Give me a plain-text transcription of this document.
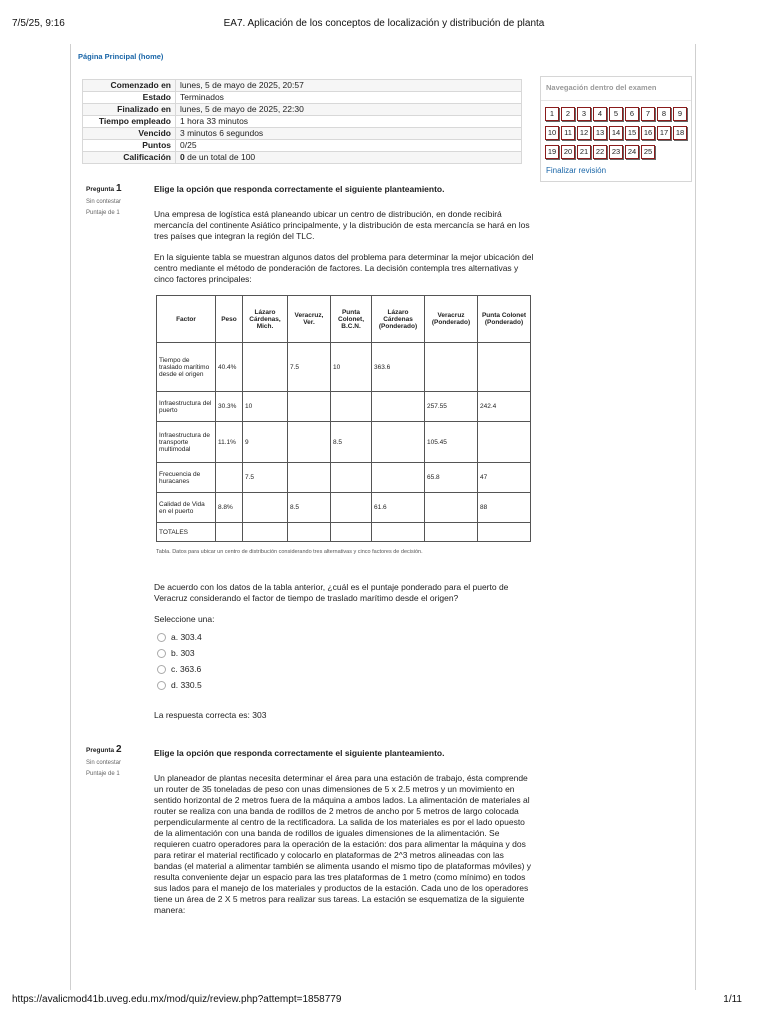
7/5/25, 9:16	EA7. Aplicación de los conceptos de localización y distribución de planta
Página Principal (home)
Comenzado en	lunes, 5 de mayo de 2025, 20:57
Estado	Terminados
Finalizado en	lunes, 5 de mayo de 2025, 22:30
Tiempo empleado	1 hora 33 minutos
Vencido	3 minutos 6 segundos
Puntos	0/25
Calificación	0 de un total de 100
Navegación dentro del examen
1	2	3	4	5	6	7	8	9
10	11	12	13	14	15	16	17	18
19	20	21	22	23	24	25
Finalizar revisión
Pregunta 1
Sin contestar
Puntaje de 1

Elige la opción que responda correctamente el siguiente planteamiento.

Una empresa de logística está planeando ubicar un centro de distribución, en donde recibirá mercancía del continente Asiático principalmente, y la distribución de esta mercancía se hará en los tres países que integran la región del TLC.

En la siguiente tabla se muestran algunos datos del problema para determinar la mejor ubicación del centro mediante el método de ponderación de factores. La decisión contempla tres alternativas y cinco factores principales:

Factor	Peso	Lázaro Cárdenas, Mich.	Veracruz, Ver.	Punta Colonet, B.C.N.	Lázaro Cárdenas (Ponderado)	Veracruz (Ponderado)	Punta Colonet (Ponderado)
Tiempo de traslado marítimo desde el origen	40.4%		7.5	10	363.6		
Infraestructura del puerto	30.3%	10				257.55	242.4
Infraestructura de transporte multimodal	11.1%	9		8.5		105.45	
Frecuencia de huracanes		7.5				65.8	47
Calidad de Vida en el puerto	8.8%		8.5		61.6		88
TOTALES							
Tabla. Datos para ubicar un centro de distribución considerando tres alternativas y cinco factores de decisión.

De acuerdo con los datos de la tabla anterior, ¿cuál es el puntaje ponderado para el puerto de Veracruz considerando el factor de tiempo de traslado marítimo desde el origen?

Seleccione una:

a. 303.4
b. 303
c. 363.6
d. 330.5
La respuesta correcta es: 303
Pregunta 2
Sin contestar
Puntaje de 1

Elige la opción que responda correctamente el siguiente planteamiento.

Un planeador de plantas necesita determinar el área para una estación de trabajo, ésta comprende un router de 35 toneladas de peso con unas dimensiones de 5 x 2.5 metros y un movimiento en sentido horizontal de 2 metros fuera de la máquina a ambos lados. La alimentación de materiales al router se realiza con una banda de rodillos de 2 metros de ancho por 5 metros de largo colocada perpendicularmente al centro de la rectificadora. La salida de los materiales es por el lado opuesto de la alimentación con una banda de rodillos de iguales dimensiones de la alimentación. Se requieren cuatro operadores para la operación de la estación: dos para alimentar la máquina y dos para retirar el material rectificado y colocarlo en plataformas de 2^3 metros alineadas con las bandas (el material a alimentar también se alimenta usando el mismo tipo de plataformas móviles) y resulta conveniente dejar un espacio para las tres plataformas de 1 metro (como mínimo) en todos sus lados para el manejo de los materiales y productos de la estación. Cada uno de los operadores tiene un área de 2 X 5 metros para realizar sus tareas. La estación se esquematiza de la siguiente manera:

https://avalicmod41b.uveg.edu.mx/mod/quiz/review.php?attempt=1858779	1/11
